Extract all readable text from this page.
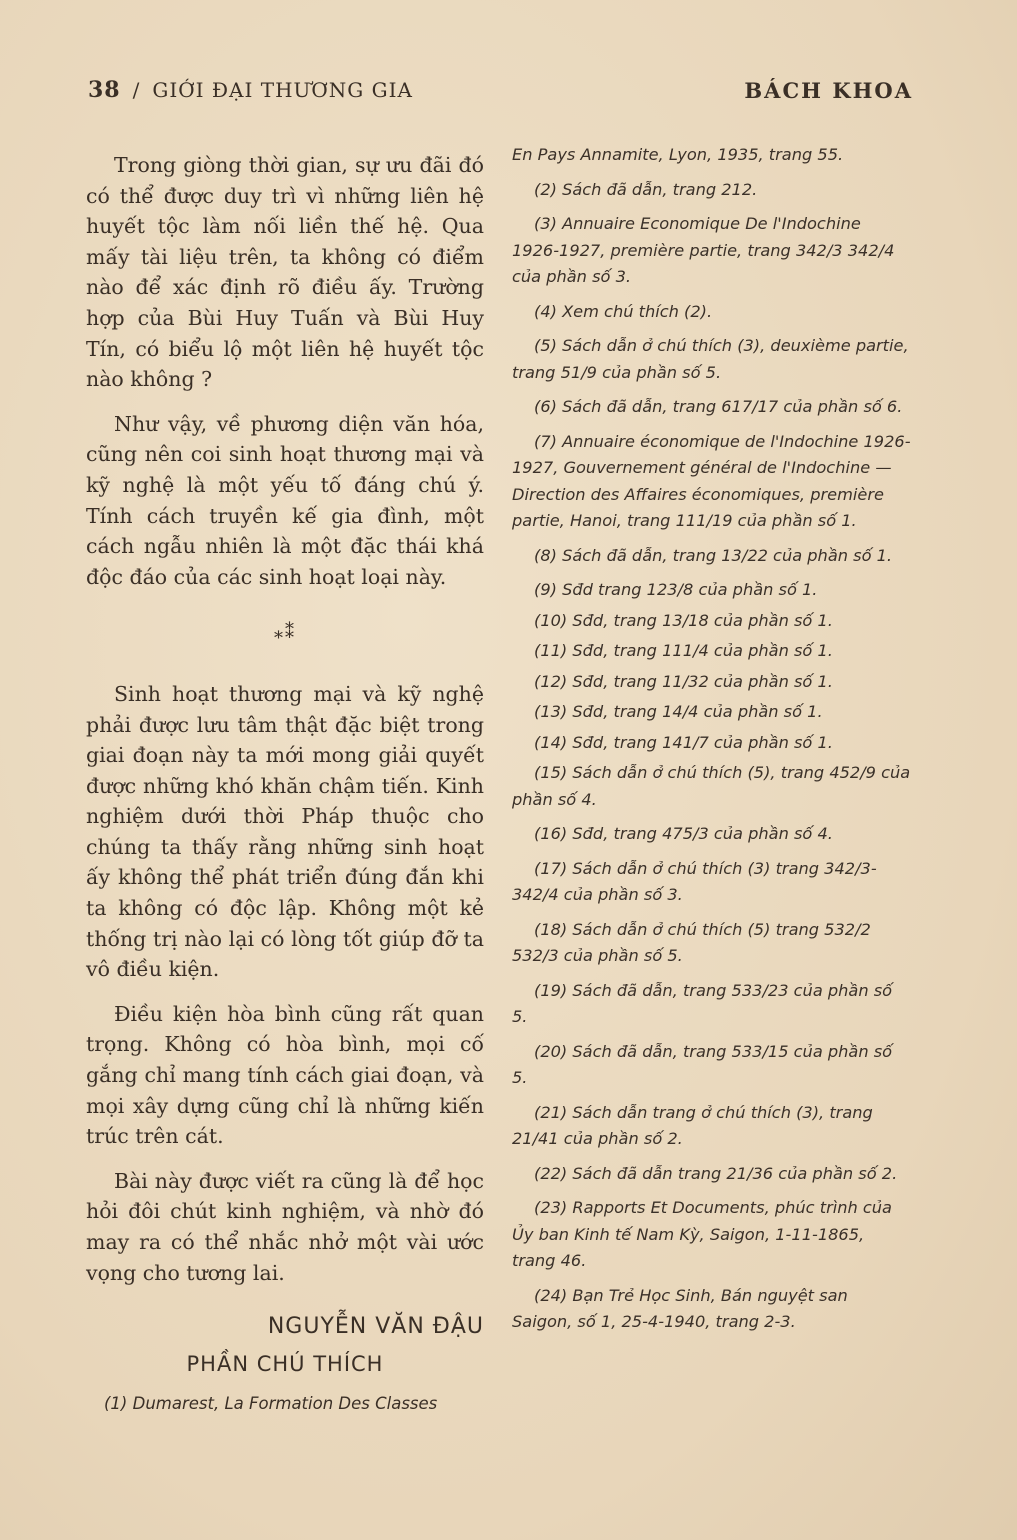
38 / GIỚI ĐẠI THƯƠNG GIA	BÁCH KHOA

Trong giòng thời gian, sự ưu đãi đó có thể được duy trì vì những liên hệ huyết tộc làm nối liền thế hệ. Qua mấy tài liệu trên, ta không có điểm nào để xác định rõ điều ấy. Trường hợp của Bùi Huy Tuấn và Bùi Huy Tín, có biểu lộ một liên hệ huyết tộc nào không ?

Như vậy, về phương diện văn hóa, cũng nên coi sinh hoạt thương mại và kỹ nghệ là một yếu tố đáng chú ý. Tính cách truyền kế gia đình, một cách ngẫu nhiên là một đặc thái khá độc đáo của các sinh hoạt loại này.

⁎⁑

Sinh hoạt thương mại và kỹ nghệ phải được lưu tâm thật đặc biệt trong giai đoạn này ta mới mong giải quyết được những khó khăn chậm tiến. Kinh nghiệm dưới thời Pháp thuộc cho chúng ta thấy rằng những sinh hoạt ấy không thể phát triển đúng đắn khi ta không có độc lập. Không một kẻ thống trị nào lại có lòng tốt giúp đỡ ta vô điều kiện.

Điều kiện hòa bình cũng rất quan trọng. Không có hòa bình, mọi cố gắng chỉ mang tính cách giai đoạn, và mọi xây dựng cũng chỉ là những kiến trúc trên cát.

Bài này được viết ra cũng là để học hỏi đôi chút kinh nghiệm, và nhờ đó may ra có thể nhắc nhở một vài ước vọng cho tương lai.

NGUYỄN VĂN ĐẬU
PHẦN CHÚ THÍCH
(1) Dumarest, La Formation Des Classes

En Pays Annamite, Lyon, 1935, trang 55.

(2) Sách đã dẫn, trang 212.

(3) Annuaire Economique De l'Indochine 1926-1927, première partie, trang 342/3 342/4 của phần số 3.

(4) Xem chú thích (2).

(5) Sách dẫn ở chú thích (3), deuxième partie, trang 51/9 của phần số 5.

(6) Sách đã dẫn, trang 617/17 của phần số 6.

(7) Annuaire économique de l'Indochine 1926-1927, Gouvernement général de l'Indochine — Direction des Affaires économiques, première partie, Hanoi, trang 111/19 của phần số 1.

(8) Sách đã dẫn, trang 13/22 của phần số 1.

(9) Sđd trang 123/8 của phần số 1.

(10) Sđd, trang 13/18 của phần số 1.

(11) Sđd, trang 111/4 của phần số 1.

(12) Sđd, trang 11/32 của phần số 1.

(13) Sđd, trang 14/4 của phần số 1.

(14) Sđd, trang 141/7 của phần số 1.

(15) Sách dẫn ở chú thích (5), trang 452/9 của phần số 4.

(16) Sđd, trang 475/3 của phần số 4.

(17) Sách dẫn ở chú thích (3) trang 342/3-342/4 của phần số 3.

(18) Sách dẫn ở chú thích (5) trang 532/2 532/3 của phần số 5.

(19) Sách đã dẫn, trang 533/23 của phần số 5.

(20) Sách đã dẫn, trang 533/15 của phần số 5.

(21) Sách dẫn trang ở chú thích (3), trang 21/41 của phần số 2.

(22) Sách đã dẫn trang 21/36 của phần số 2.

(23) Rapports Et Documents, phúc trình của Ủy ban Kinh tế Nam Kỳ, Saigon, 1-11-1865, trang 46.

(24) Bạn Trẻ Học Sinh, Bán nguyệt san Saigon, số 1, 25-4-1940, trang 2-3.
